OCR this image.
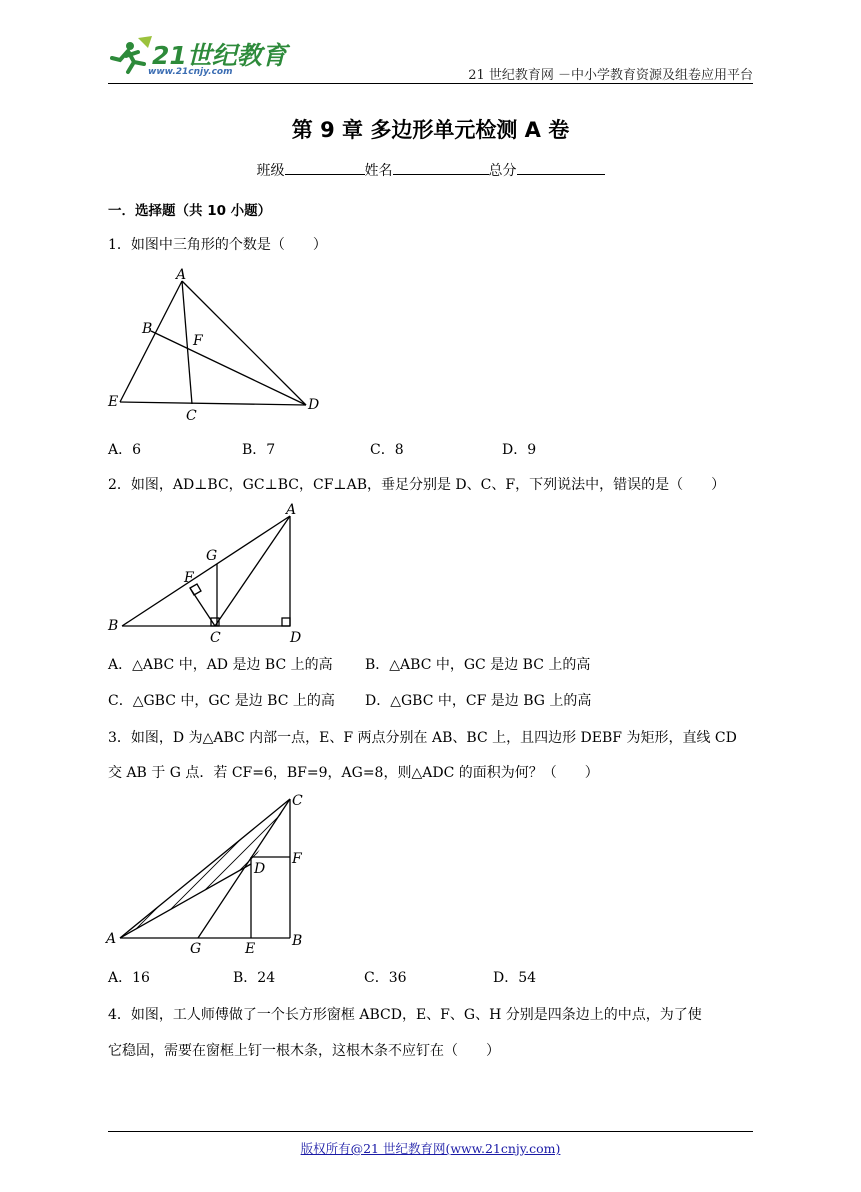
21世纪教育
www.21cnjy.com	21 世纪教育网 －中小学教育资源及组卷应用平台
第 9 章 多边形单元检测 A 卷
班级	姓名	总分
一．选择题（共 10 小题）
1．如图中三角形的个数是（　　）
A
B
F
E
C
D
A．6	B．7	C．8	D．9
2．如图，AD⊥BC，GC⊥BC，CF⊥AB，垂足分别是 D、C、F，下列说法中，错误的是（　　）
A
G
F
B
C	D
A．△ABC 中，AD 是边 BC 上的高 B．△ABC 中，GC 是边 BC 上的高
C．△GBC 中，GC 是边 BC 上的高 D．△GBC 中，CF 是边 BG 上的高
3．如图，D 为△ABC 内部一点，E、F 两点分别在 AB、BC 上，且四边形 DEBF 为矩形，直线 CD
交 AB 于 G 点．若 CF=6，BF=9，AG=8，则△ADC 的面积为何？（　　）
C
F
D
A
G	E	B
A．16	B．24	C．36	D．54
4．如图，工人师傅做了一个长方形窗框 ABCD，E、F、G、H 分别是四条边上的中点，为了使
它稳固，需要在窗框上钉一根木条，这根木条不应钉在（　　）
版权所有@21 世纪教育网(www.21cnjy.com)
